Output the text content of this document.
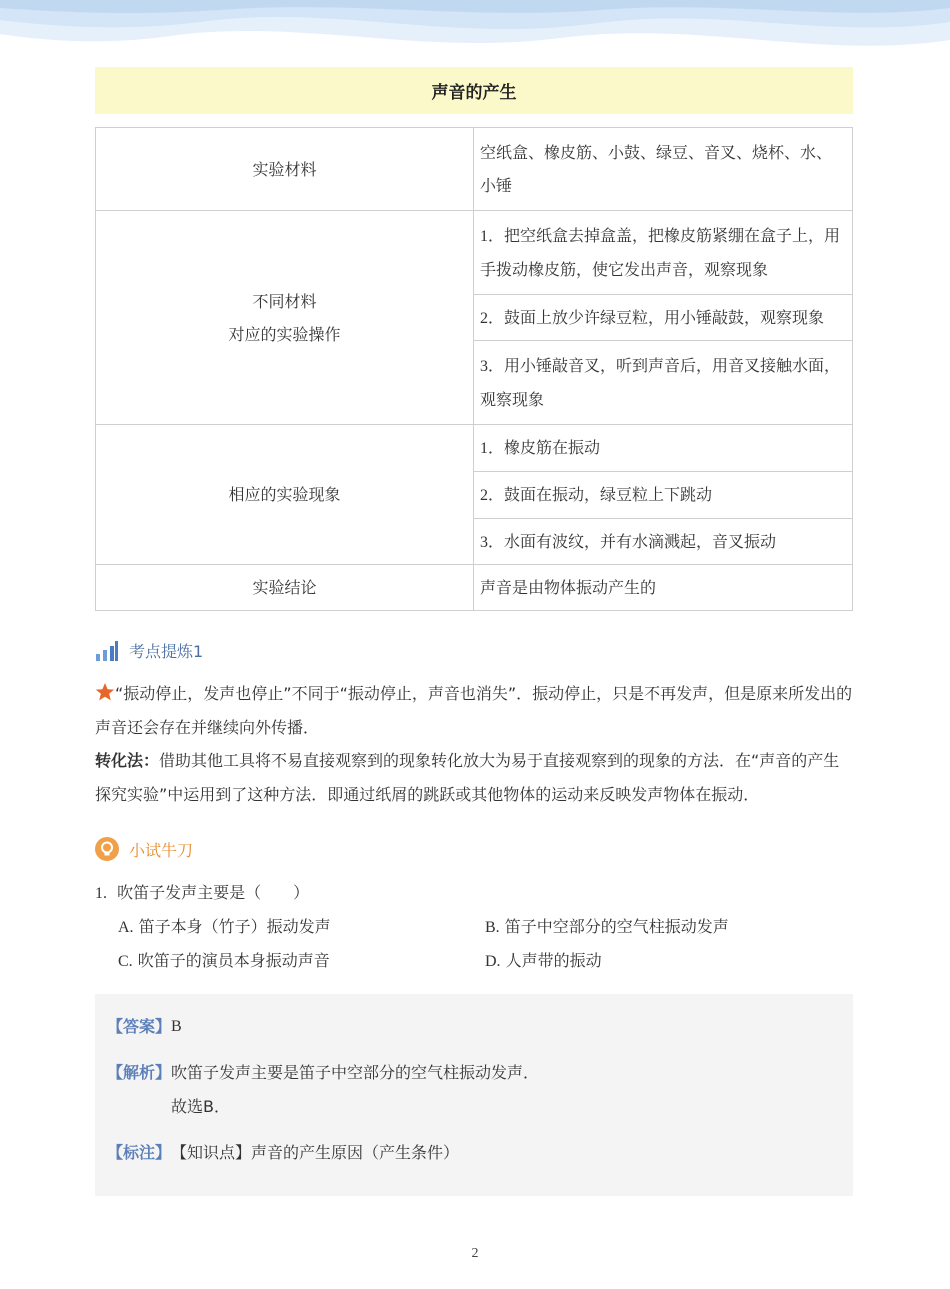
声音的产生
实验材料	空纸盒、橡皮筋、小鼓、绿豆、音叉、烧杯、水、小锤

不同材料
对应的实验操作	1．把空纸盒去掉盒盖，把橡皮筋紧绷在盒子上，用手拨动橡皮筋，使它发出声音，观察现象
	2．鼓面上放少许绿豆粒，用小锤敲鼓，观察现象
	3．用小锤敲音叉，听到声音后，用音叉接触水面，观察现象
相应的实验现象	1．橡皮筋在振动
	2．鼓面在振动，绿豆粒上下跳动
	3．水面有波纹，并有水滴溅起，音叉振动
实验结论	声音是由物体振动产生的
考点提炼1
“振动停止，发声也停止”不同于“振动停止，声音也消失”．振动停止，只是不再发声，但是原来所发出的声音还会存在并继续向外传播．
转化法：借助其他工具将不易直接观察到的现象转化放大为易于直接观察到的现象的方法．在“声音的产生探究实验”中运用到了这种方法．即通过纸屑的跳跃或其他物体的运动来反映发声物体在振动．
小试牛刀
1. 吹笛子发声主要是（　　）
A. 笛子本身（竹子）振动发声	B. 笛子中空部分的空气柱振动发声
C. 吹笛子的演员本身振动声音	D. 人声带的振动
【答案】 B
【解析】 吹笛子发声主要是笛子中空部分的空气柱振动发声．
故选B．
【标注】 【知识点】声音的产生原因（产生条件）
2
